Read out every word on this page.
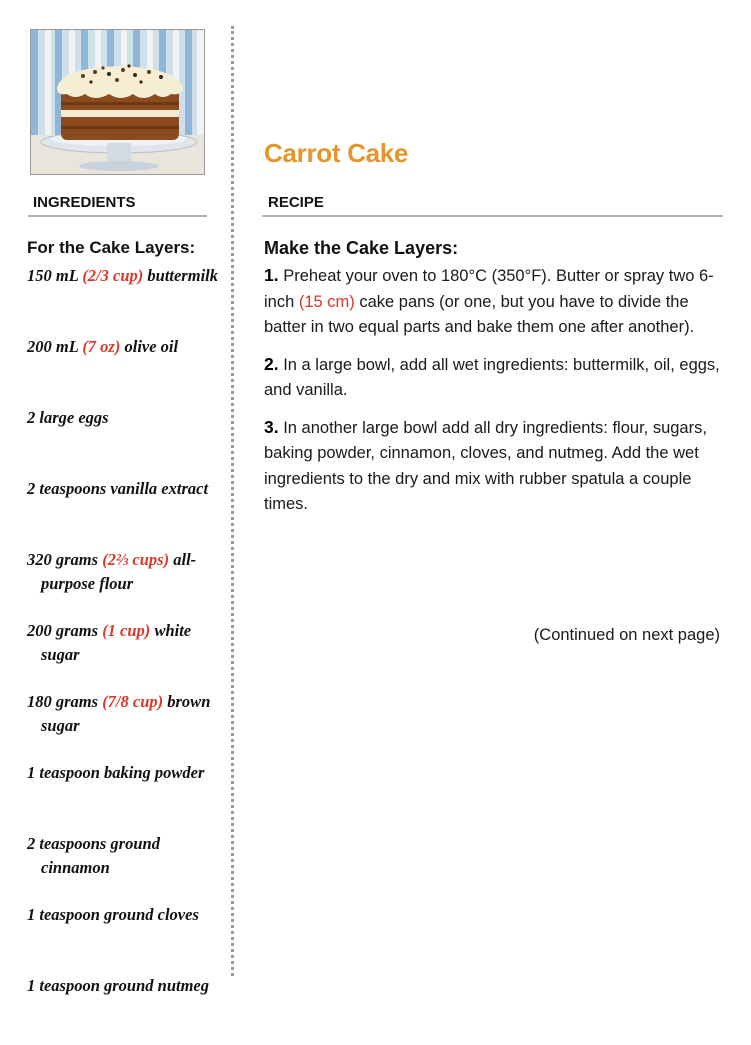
Carrot Cake
INGREDIENTS	RECIPE
For the Cake Layers:
150 mL (2/3 cup) buttermilk
200 mL (7 oz) olive oil
2 large eggs
2 teaspoons vanilla extract
320 grams (2⅔ cups) all-purpose flour
200 grams (1 cup) white sugar
180 grams (7/8 cup) brown sugar
1 teaspoon baking powder
2 teaspoons ground cinnamon
1 teaspoon ground cloves
1 teaspoon ground nutmeg
Make the Cake Layers:

1. Preheat your oven to 180°C (350°F). Butter or spray two 6-inch (15 cm) cake pans (or one, but you have to divide the batter in two equal parts and bake them one after another).

2. In a large bowl, add all wet ingredients: buttermilk, oil, eggs, and vanilla.

3. In another large bowl add all dry ingredients: flour, sugars, baking powder, cinnamon, cloves, and nutmeg. Add the wet ingredients to the dry and mix with rubber spatula a couple times.

(Continued on next page)
